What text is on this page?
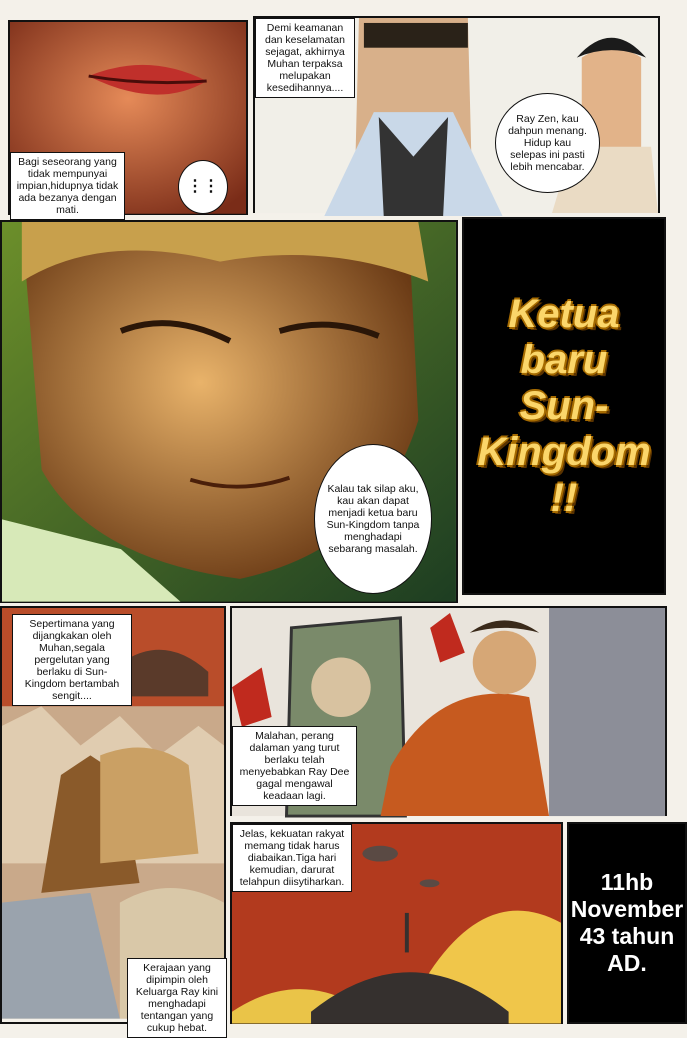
Bagi seseorang yang tidak mempunyai impian,hidupnya tidak ada bezanya dengan mati.
⋮⋮
Demi keamanan dan keselamatan sejagat, akhirnya Muhan terpaksa melupakan kesedihannya....
Ray Zen, kau dahpun menang. Hidup kau selepas ini pasti lebih mencabar.
Kalau tak silap aku, kau akan dapat menjadi ketua baru Sun-Kingdom tanpa menghadapi sebarang masalah.
Ketua
baru
Sun-
Kingdom
!!
Sepertimana yang dijangkakan oleh Muhan,segala pergelutan yang berlaku di Sun-Kingdom bertambah sengit....
Kerajaan yang dipimpin oleh Keluarga Ray kini menghadapi tentangan yang cukup hebat.
Malahan, perang dalaman yang turut berlaku telah menyebabkan Ray Dee gagal mengawal keadaan lagi.
Jelas, kekuatan rakyat memang tidak harus diabaikan.Tiga hari kemudian, darurat telahpun diisytiharkan.	11hb
November
43 tahun
AD.
